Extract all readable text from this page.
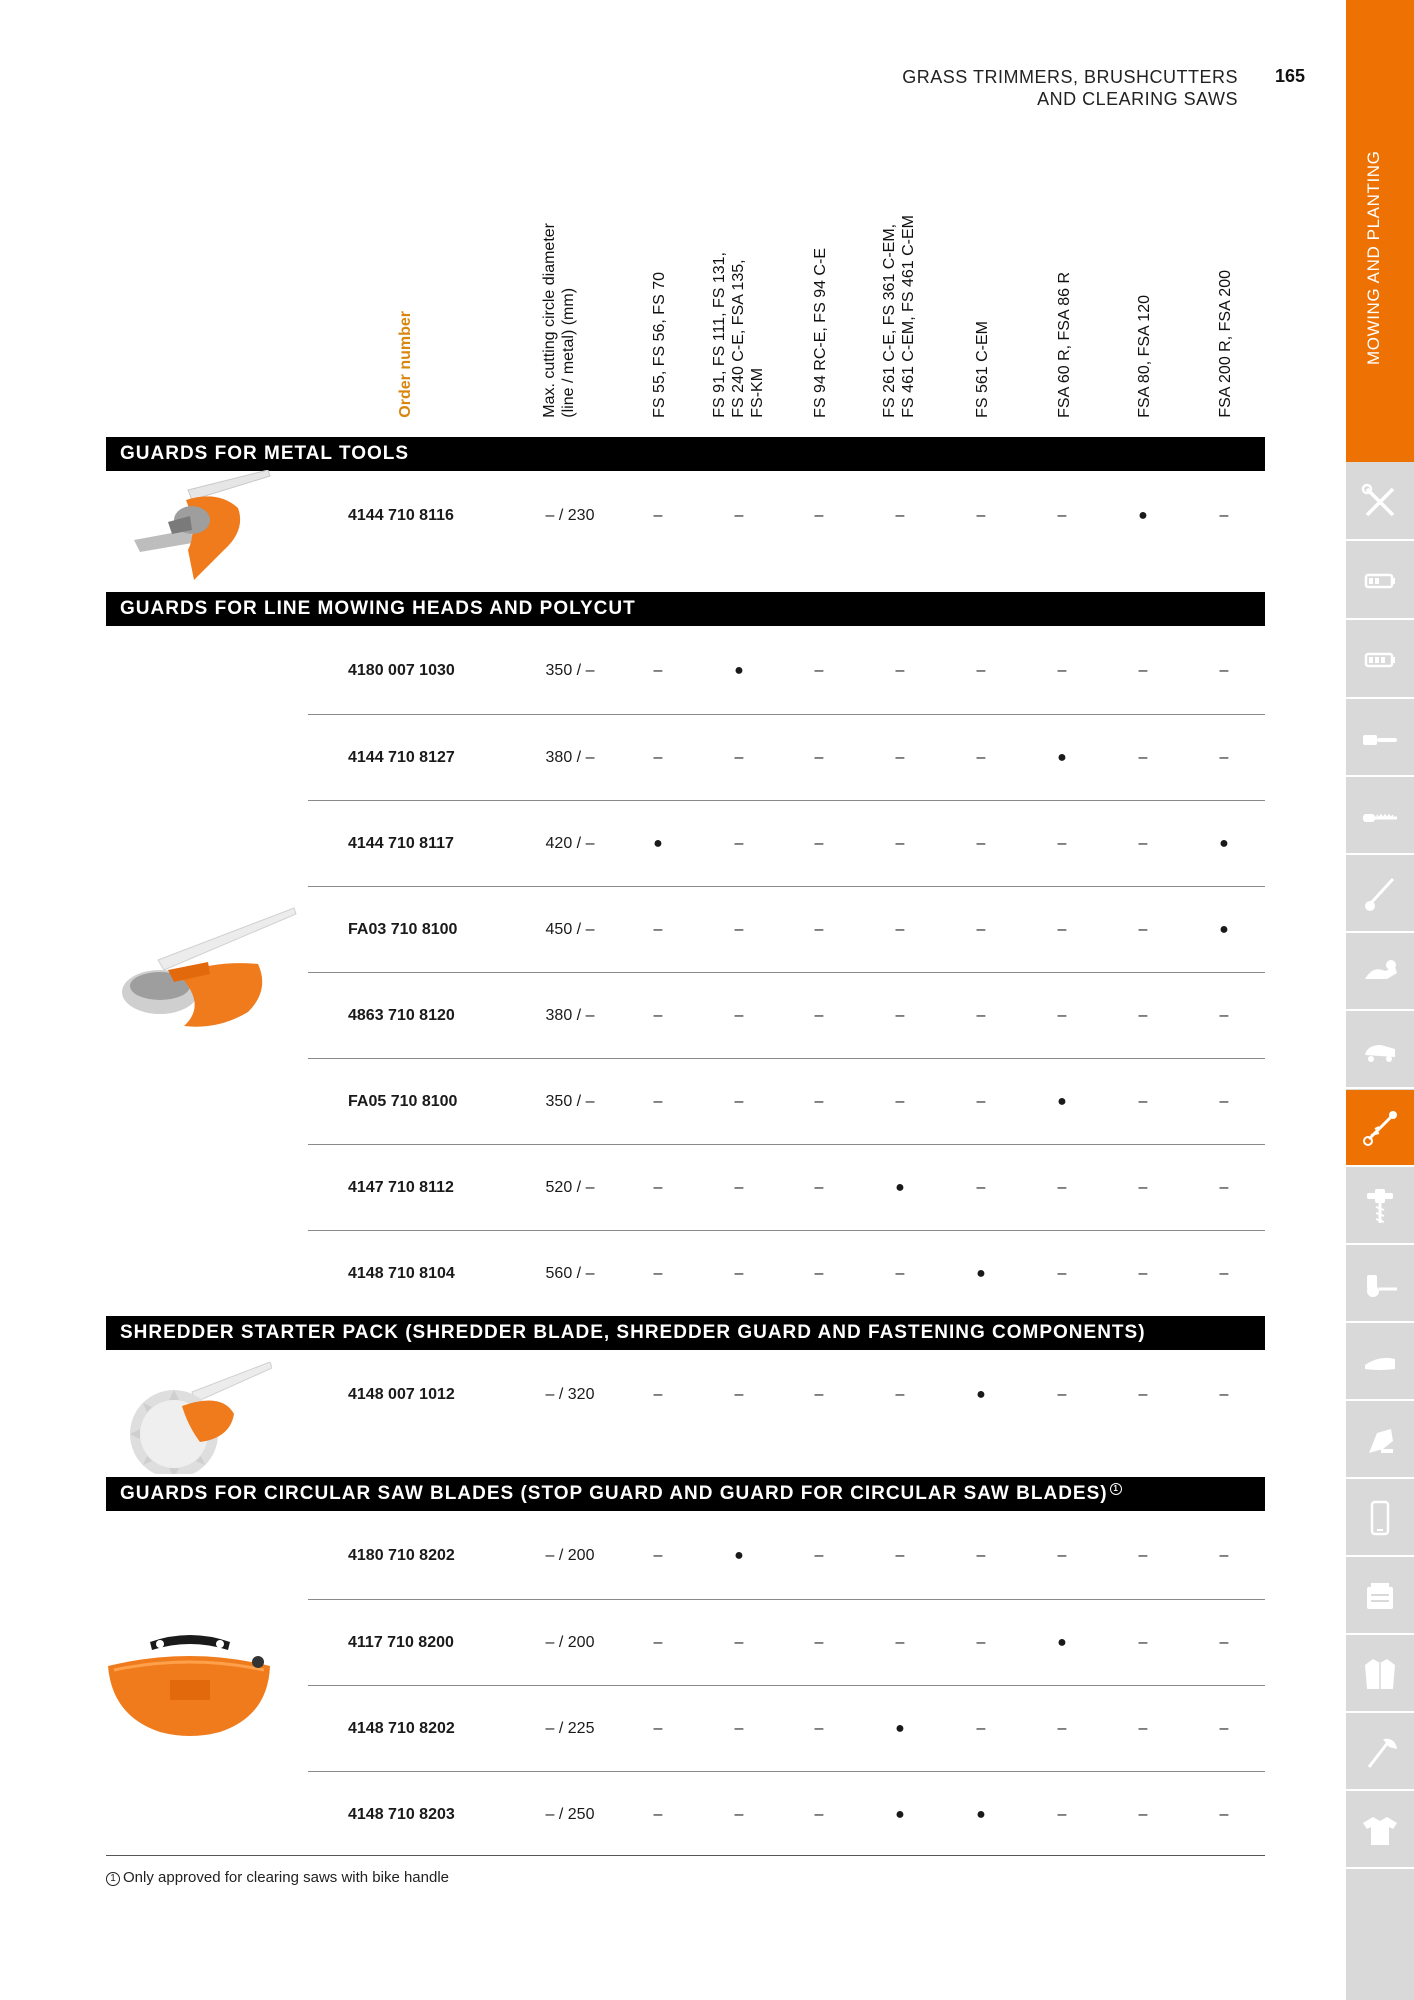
GRASS TRIMMERS, BRUSHCUTTERS
AND CLEARING SAWS
165
MOWING AND PLANTING
Order number	Max. cutting circle diameter
(line / metal) (mm)	FS 55, FS 56, FS 70	FS 91, FS 111, FS 131,
FS 240 C-E, FSA 135,
FS-KM	FS 94 RC-E, FS 94 C-E	FS 261 C-E, FS 361 C-EM,
FS 461 C-EM, FS 461 C-EM
FS 561 C-EM	FSA 60 R, FSA 86 R	FSA 80, FSA 120	FSA 200 R, FSA 200
GUARDS FOR METAL TOOLS
4144 710 8116	– / 230	–	–	–	–	–	–	●	–
GUARDS FOR LINE MOWING HEADS AND POLYCUT
4180 007 1030	350 / –	–	●	–	–	–	–	–	–
4144 710 8127	380 / –	–	–	–	–	–	●	–	–
4144 710 8117	420 / –	●	–	–	–	–	–	–	●
FA03 710 8100	450 / –	–	–	–	–	–	–	–	●
4863 710 8120	380 / –	–	–	–	–	–	–	–	–
FA05 710 8100	350 / –	–	–	–	–	–	●	–	–
4147 710 8112	520 / –	–	–	–	●	–	–	–	–
4148 710 8104	560 / –	–	–	–	–	●	–	–	–
SHREDDER STARTER PACK (SHREDDER BLADE, SHREDDER GUARD AND FASTENING COMPONENTS)
4148 007 1012	– / 320	–	–	–	–	●	–	–	–
GUARDS FOR CIRCULAR SAW BLADES (STOP GUARD AND GUARD FOR CIRCULAR SAW BLADES) 1
4180 710 8202	– / 200	–	●	–	–	–	–	–	–
4117 710 8200	– / 200	–	–	–	–	–	●	–	–
4148 710 8202	– / 225	–	–	–	●	–	–	–	–
4148 710 8203	– / 250	–	–	–	●	●	–	–	–
1 Only approved for clearing saws with bike handle
